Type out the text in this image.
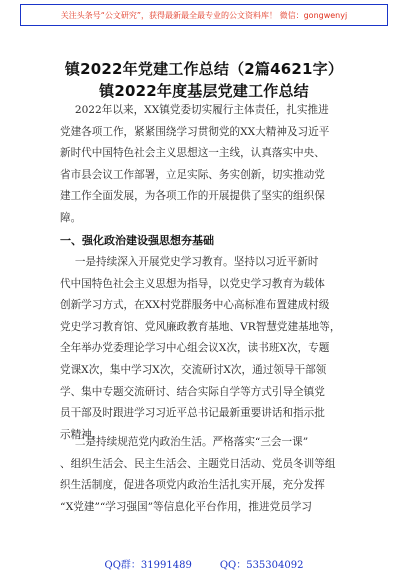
关注头条号“公文研究”，获得最新最全最专业的公文资料库！ 微信：gongwenyj
镇2022年党建工作总结（2篇4621字）
镇2022年度基层党建工作总结
2022年以来，XX镇党委切实履行主体责任，扎实推进
党建各项工作，紧紧围绕学习贯彻党的XX大精神及习近平
新时代中国特色社会主义思想这一主线，认真落实中央、
省市县会议工作部署，立足实际、务实创新，切实推动党
建工作全面发展，为各项工作的开展提供了坚实的组织保
障。
一、强化政治建设强思想夯基础
一是持续深入开展党史学习教育。坚持以习近平新时
代中国特色社会主义思想为指导，以党史学习教育为载体
创新学习方式，在XX村党群服务中心高标准布置建成村级
党史学习教育馆、党风廉政教育基地、VR智慧党建基地等，
全年举办党委理论学习中心组会议X次，读书班X次，专题
党课X次，集中学习X次，交流研讨X次，通过领导干部领
学、集中专题交流研讨、结合实际自学等方式引导全镇党
员干部及时跟进学习习近平总书记最新重要讲话和指示批
示精神。
二是持续规范党内政治生活。严格落实“三会一课”
、组织生活会、民主生活会、主题党日活动、党员冬训等组
织生活制度，促进各项党内政治生活扎实开展，充分发挥
“X党建”“学习强国”等信息化平台作用，推进党员学习
QQ群：31991489	QQ：535304092
